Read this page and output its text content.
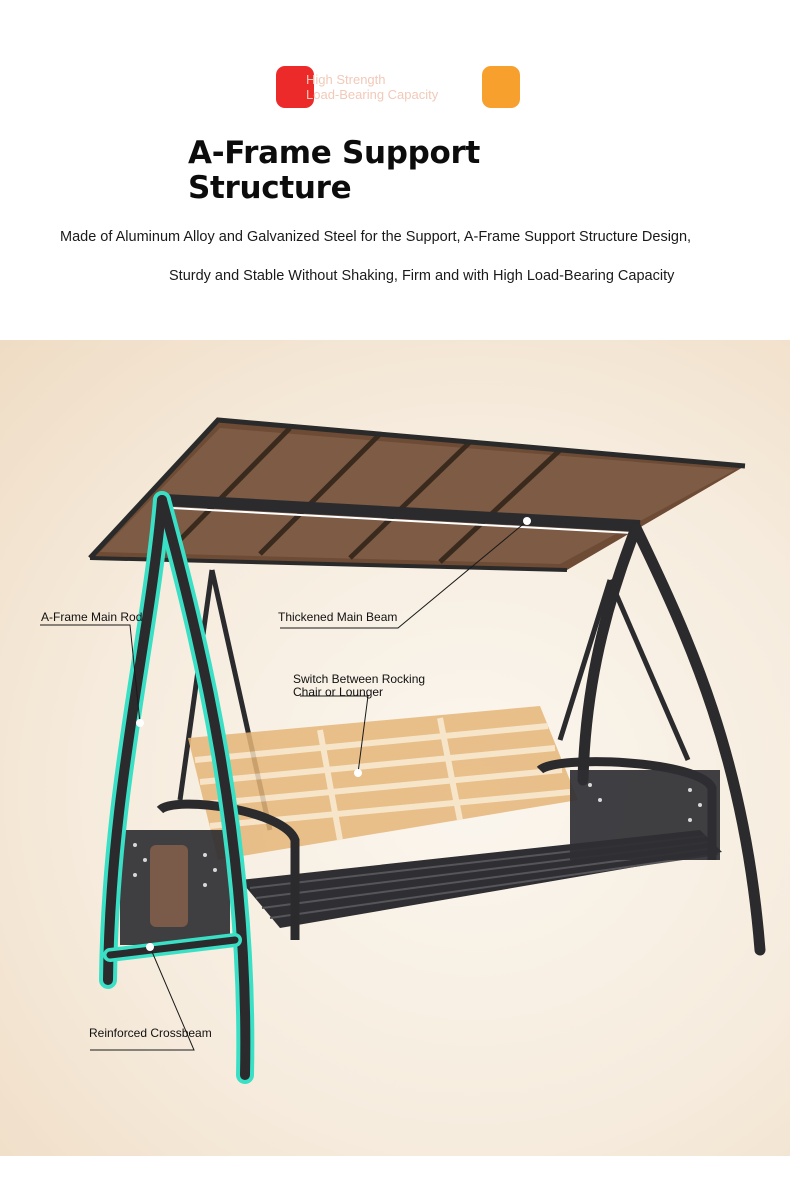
High Strength
Load-Bearing Capacity
A-Frame Support
Structure
Made of Aluminum Alloy and Galvanized Steel for the Support, A-Frame Support Structure Design,
Sturdy and Stable Without Shaking, Firm and with High Load-Bearing Capacity
A-Frame Main Rod	Thickened Main Beam
Switch Between Rocking
Chair or Lounger
Reinforced Crossbeam
